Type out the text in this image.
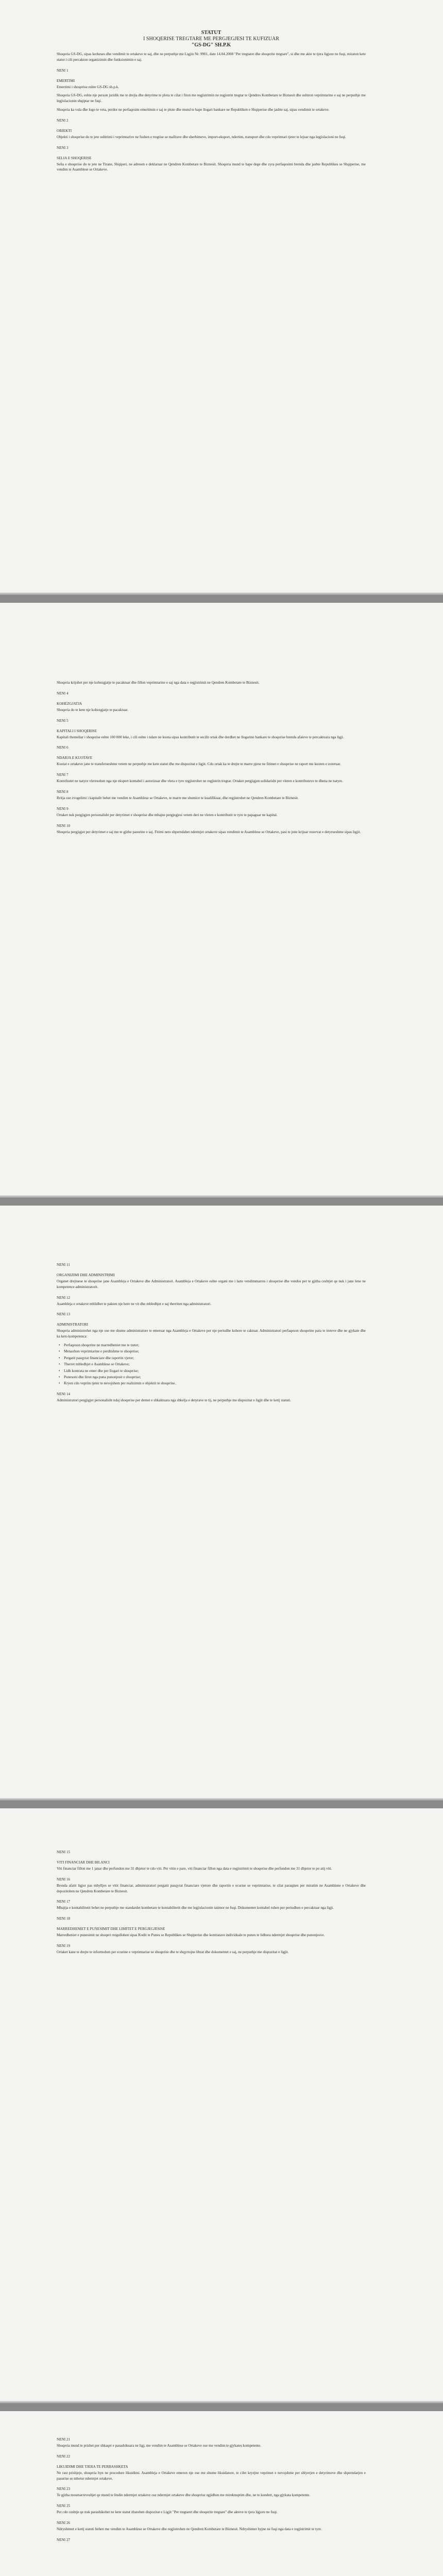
STATUT

I SHOQERISE TREGTARE ME PERGJEGJESI TE KUFIZUAR

"GS-DG" SH.P.K

Shoqeria GS-DG, sipas kerkeses dhe vendimit te ortakeve te saj, dhe ne perputhje me Ligjin Nr. 9901, date 14.04.2008 "Per tregtaret dhe shoqerite tregtare", si dhe me akte te tjera ligjore ne fuqi, miraton kete statut i cili percakton organizimin dhe funksionimin e saj.

NENI 1
EMERTIMI

Emertimi i shoqerise eshte GS-DG sh.p.k.

Shoqeria GS-DG, eshte nje person juridik me te drejta dhe detyrime te plota te cilat i fiton me regjistrimin ne regjistrin tregtar te Qendres Kombetare te Biznesit dhe ushtron veprimtarine e saj ne perputhje me legjislacionin shqiptar ne fuqi.

Shoqeria ka vula dhe logo te veta, perdor ne perfaqesim emertimin e saj te plote dhe mund te hape llogari bankare ne Republiken e Shqiperise dhe jashte saj, sipas vendimit te ortakeve.

NENI 2
OBJEKTI

Objekti i shoqerise do te jete ushtrimi i veprimtarive ne fushen e tregtise se mallrave dhe sherbimeve, import-eksport, ndertim, transport dhe cdo veprimtari tjeter te lejuar nga legjislacioni ne fuqi.

NENI 3
SELIA E SHOQERISE

Selia e shoqerise do te jete ne Tirane, Shqiperi, ne adresen e deklaruar ne Qendren Kombetare te Biznesit. Shoqeria mund te hape dege dhe zyra perfaqesimi brenda dhe jashte Republikes se Shqiperise, me vendim te Asamblese se Ortakeve.

Shoqeria krijohet per nje kohezgjatje te pacaktuar dhe fillon veprimtarine e saj nga data e regjistrimit ne Qendren Kombetare te Biznesit.

NENI 4
KOHEZGJATJA

Shoqeria do te kete nje kohezgjatje te pacaktuar.

NENI 5
KAPITALI I SHOQERISE

Kapitali themeltar i shoqerise eshte 100 000 leke, i cili eshte i ndare ne kuota sipas kontributit te secilit ortak dhe derdhet ne llogarine bankare te shoqerise brenda afateve te percaktuara nga ligji.

NENI 6
NDARJA E KUOTAVE

Kuotat e ortakeve jane te transferueshme vetem ne perputhje me kete statut dhe me dispozitat e ligjit. Cdo ortak ka te drejte te marre pjese ne fitimet e shoqerise ne raport me kuoten e zoteruar.

NENI 7

Kontributet ne natyre vleresohen nga nje ekspert kontabel i autorizuar dhe vlera e tyre regjistrohet ne regjistrin tregtar. Ortaket pergjigjen solidarisht per vleren e kontributeve te dhena ne natyre.

NENI 8

Rritja ose zvogelimi i kapitalit behet me vendim te Asamblese se Ortakeve, te marre me shumice te kualifikuar, dhe regjistrohet ne Qendren Kombetare te Biznesit.

NENI 9

Ortaket nuk pergjigjen personalisht per detyrimet e shoqerise dhe mbajne pergjegjesi vetem deri ne vleren e kontributit te tyre te papaguar ne kapital.

NENI 10

Shoqeria pergjigjet per detyrimet e saj me te gjithe pasurine e saj. Fitimi neto shperndahet ndermjet ortakeve sipas vendimit te Asamblese se Ortakeve, pasi te jene krijuar rezervat e detyrueshme sipas ligjit.

NENI 11
ORGANIZIMI DHE ADMINISTRIMI

Organet drejtuese te shoqerise jane Asambleja e Ortakeve dhe Administratori. Asambleja e Ortakeve eshte organi me i larte vendimmarres i shoqerise dhe vendos per te gjitha ceshtjet qe nuk i jane lene ne kompetence administratorit.

NENI 12

Asambleja e ortakeve mblidhet te pakten nje here ne vit dhe mbledhjet e saj therriten nga administratori.

NENI 13
ADMINISTRATORI

Shoqeria administrohet nga nje ose me shume administratore te emeruar nga Asambleja e Ortakeve per nje periudhe kohore te caktuar. Administratori perfaqeson shoqerine para te treteve dhe ne gjykate dhe ka keto kompetenca:

• Perfaqeson shoqerine ne marredheniet me te tretet;
• Menaxhon veprimtarine e perditshme te shoqerise;
• Pergatit pasqyrat financiare dhe raportin vjetor;
• Therret mbledhjet e Asamblese se Ortakeve;
• Lidh kontrata ne emer dhe per llogari te shoqerise;
• Punesoni dhe liron nga puna punonjesit e shoqerise;
• Kryen cdo veprim tjeter te nevojshem per realizimin e objektit te shoqerise.
NENI 14

Administratori pergjigjet personalisht ndaj shoqerise per demet e shkaktuara nga shkelja e detyrave te tij, ne perputhje me dispozitat e ligjit dhe te ketij statuti.

NENI 15
VITI FINANCIAR DHE BILANCI

Viti financiar fillon me 1 janar dhe perfundon me 31 dhjetor te cdo viti. Per vitin e pare, viti financiar fillon nga data e regjistrimit te shoqerise dhe perfundon me 31 dhjetor te po atij viti.

NENI 16

Brenda afatit ligjor pas mbylljes se vitit financiar, administratori pergatit pasqyrat financiare vjetore dhe raportin e ecurise se veprimtarise, te cilat paraqiten per miratim ne Asamblene e Ortakeve dhe depozitohen ne Qendren Kombetare te Biznesit.

NENI 17

Mbajtja e kontabilitetit behet ne perputhje me standardet kombetare te kontabilitetit dhe me legjislacionin tatimor ne fuqi. Dokumentet kontabel ruhen per periudhen e percaktuar nga ligji.

NENI 18
MARREDHENIET E PUNESIMIT DHE LIMITET E PERGJEGJESISE

Marredheniet e punesimit ne shoqeri rregullohen sipas Kodit te Punes se Republikes se Shqiperise dhe kontratave individuale te punes te lidhura ndermjet shoqerise dhe punonjesve.

NENI 19

Ortaket kane te drejte te informohen per ecurine e veprimtarise se shoqerise dhe te shqyrtojne librat dhe dokumentet e saj, ne perputhje me dispozitat e ligjit.

NENI 21

Shoqeria mund te prishet per shkaqet e parashikuara ne ligj, me vendim te Asamblese se Ortakeve ose me vendim te gjykates kompetente.

NENI 22
LIKUIDIMI DHE TJERA TE PERBASHKETA

Ne rast prishjeje, shoqeria hyn ne procedure likuidimi. Asambleja e Ortakeve emeron nje ose me shume likuidatore, te cilet kryejne veprimet e nevojshme per shlyerjen e detyrimeve dhe shperndarjen e pasurise se mbetur ndermjet ortakeve.

NENI 23

Te gjitha mosmarreveshjet qe mund te lindin ndermjet ortakeve ose ndermjet ortakeve dhe shoqerise zgjidhen me mireknuptim dhe, ne te kundert, nga gjykata kompetente.

NENI 25

Per cdo ceshtje qe nuk parashikohet ne kete statut zbatohen dispozitat e Ligjit "Per tregtaret dhe shoqerite tregtare" dhe akteve te tjera ligjore ne fuqi.

NENI 26

Ndryshimet e ketij statuti behen me vendim te Asamblese se Ortakeve dhe regjistrohen ne Qendren Kombetare te Biznesit. Ndryshimet hyjne ne fuqi nga data e regjistrimit te tyre.

NENI 27
